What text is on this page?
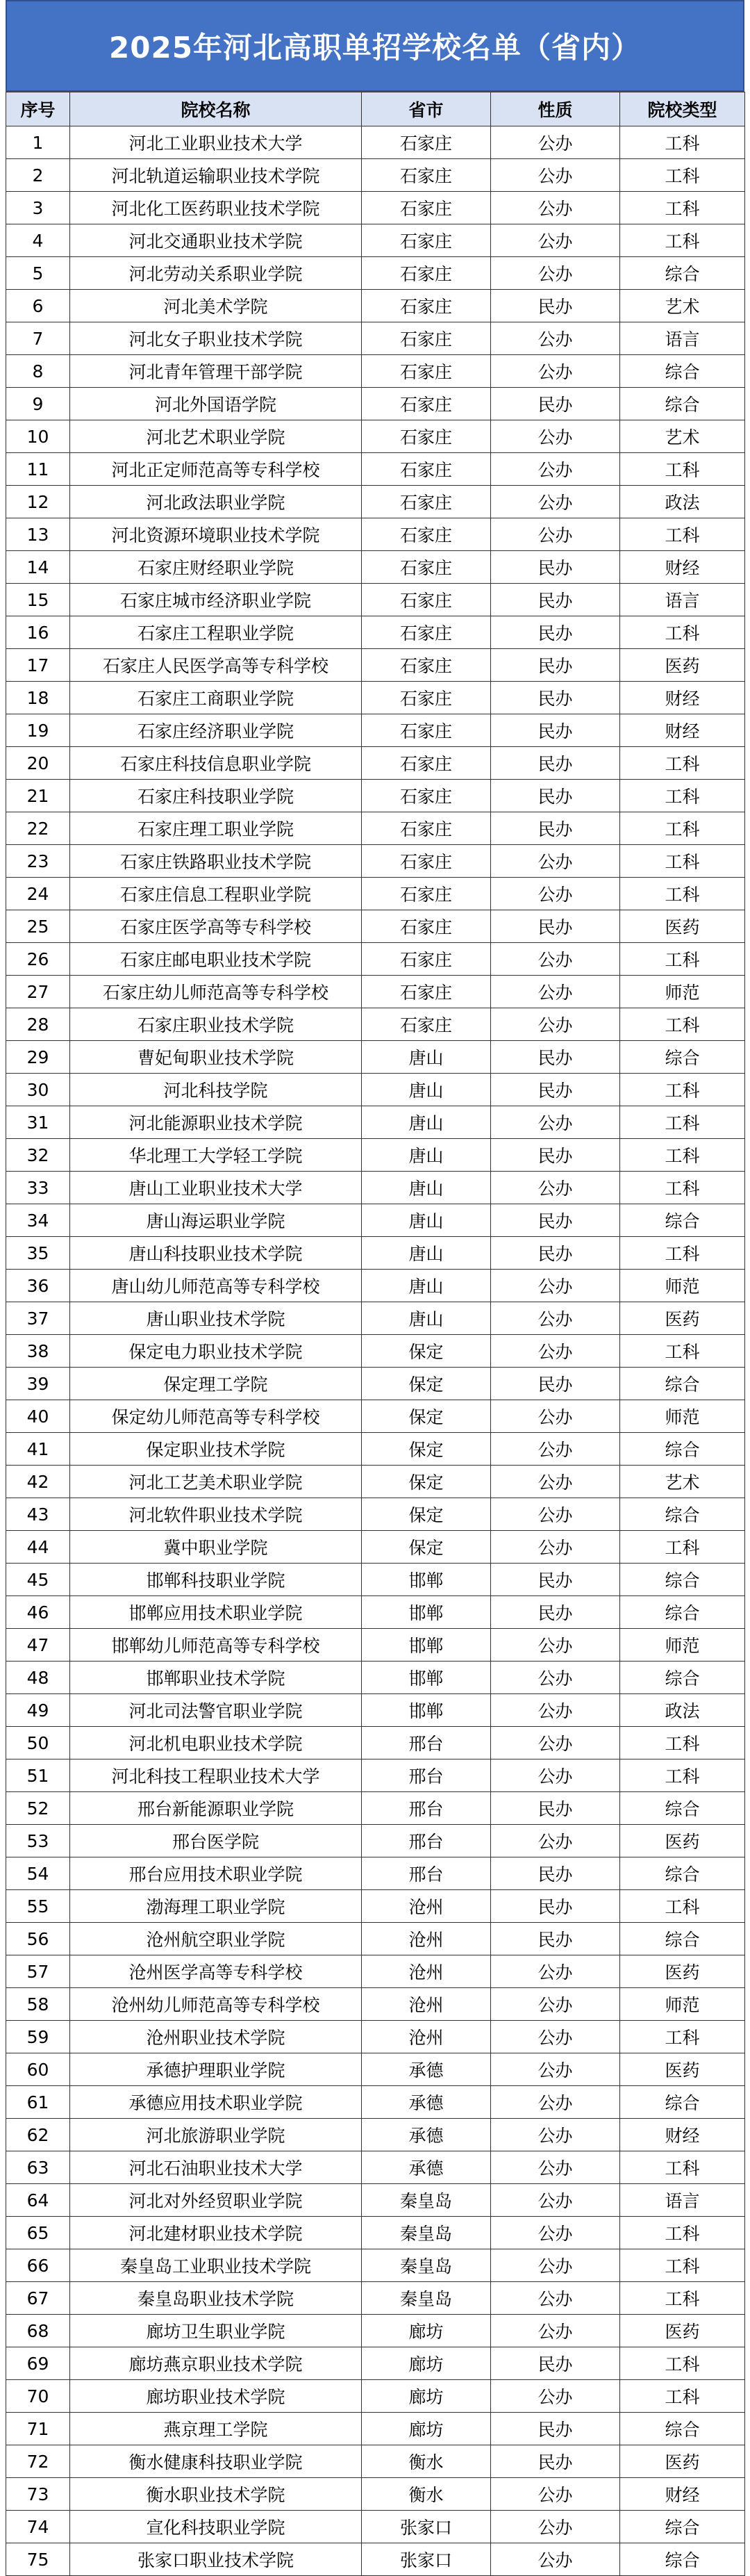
2025年河北高职单招学校名单（省内）
序号	院校名称	省市	性质	院校类型
1	河北工业职业技术大学	石家庄	公办	工科
2	河北轨道运输职业技术学院	石家庄	公办	工科
3	河北化工医药职业技术学院	石家庄	公办	工科
4	河北交通职业技术学院	石家庄	公办	工科
5	河北劳动关系职业学院	石家庄	公办	综合
6	河北美术学院	石家庄	民办	艺术
7	河北女子职业技术学院	石家庄	公办	语言
8	河北青年管理干部学院	石家庄	公办	综合
9	河北外国语学院	石家庄	民办	综合
10	河北艺术职业学院	石家庄	公办	艺术
11	河北正定师范高等专科学校	石家庄	公办	工科
12	河北政法职业学院	石家庄	公办	政法
13	河北资源环境职业技术学院	石家庄	公办	工科
14	石家庄财经职业学院	石家庄	民办	财经
15	石家庄城市经济职业学院	石家庄	民办	语言
16	石家庄工程职业学院	石家庄	民办	工科
17	石家庄人民医学高等专科学校	石家庄	民办	医药
18	石家庄工商职业学院	石家庄	民办	财经
19	石家庄经济职业学院	石家庄	民办	财经
20	石家庄科技信息职业学院	石家庄	民办	工科
21	石家庄科技职业学院	石家庄	民办	工科
22	石家庄理工职业学院	石家庄	民办	工科
23	石家庄铁路职业技术学院	石家庄	公办	工科
24	石家庄信息工程职业学院	石家庄	公办	工科
25	石家庄医学高等专科学校	石家庄	民办	医药
26	石家庄邮电职业技术学院	石家庄	公办	工科
27	石家庄幼儿师范高等专科学校	石家庄	公办	师范
28	石家庄职业技术学院	石家庄	公办	工科
29	曹妃甸职业技术学院	唐山	民办	综合
30	河北科技学院	唐山	民办	工科
31	河北能源职业技术学院	唐山	公办	工科
32	华北理工大学轻工学院	唐山	民办	工科
33	唐山工业职业技术大学	唐山	公办	工科
34	唐山海运职业学院	唐山	民办	综合
35	唐山科技职业技术学院	唐山	民办	工科
36	唐山幼儿师范高等专科学校	唐山	公办	师范
37	唐山职业技术学院	唐山	公办	医药
38	保定电力职业技术学院	保定	公办	工科
39	保定理工学院	保定	民办	综合
40	保定幼儿师范高等专科学校	保定	公办	师范
41	保定职业技术学院	保定	公办	综合
42	河北工艺美术职业学院	保定	公办	艺术
43	河北软件职业技术学院	保定	公办	综合
44	冀中职业学院	保定	公办	工科
45	邯郸科技职业学院	邯郸	民办	综合
46	邯郸应用技术职业学院	邯郸	民办	综合
47	邯郸幼儿师范高等专科学校	邯郸	公办	师范
48	邯郸职业技术学院	邯郸	公办	综合
49	河北司法警官职业学院	邯郸	公办	政法
50	河北机电职业技术学院	邢台	公办	工科
51	河北科技工程职业技术大学	邢台	公办	工科
52	邢台新能源职业学院	邢台	民办	综合
53	邢台医学院	邢台	公办	医药
54	邢台应用技术职业学院	邢台	民办	综合
55	渤海理工职业学院	沧州	民办	工科
56	沧州航空职业学院	沧州	民办	综合
57	沧州医学高等专科学校	沧州	公办	医药
58	沧州幼儿师范高等专科学校	沧州	公办	师范
59	沧州职业技术学院	沧州	公办	工科
60	承德护理职业学院	承德	公办	医药
61	承德应用技术职业学院	承德	公办	综合
62	河北旅游职业学院	承德	公办	财经
63	河北石油职业技术大学	承德	公办	工科
64	河北对外经贸职业学院	秦皇岛	公办	语言
65	河北建材职业技术学院	秦皇岛	公办	工科
66	秦皇岛工业职业技术学院	秦皇岛	公办	工科
67	秦皇岛职业技术学院	秦皇岛	公办	工科
68	廊坊卫生职业学院	廊坊	公办	医药
69	廊坊燕京职业技术学院	廊坊	民办	工科
70	廊坊职业技术学院	廊坊	公办	工科
71	燕京理工学院	廊坊	民办	综合
72	衡水健康科技职业学院	衡水	民办	医药
73	衡水职业技术学院	衡水	公办	财经
74	宣化科技职业学院	张家口	公办	综合
75	张家口职业技术学院	张家口	公办	综合
